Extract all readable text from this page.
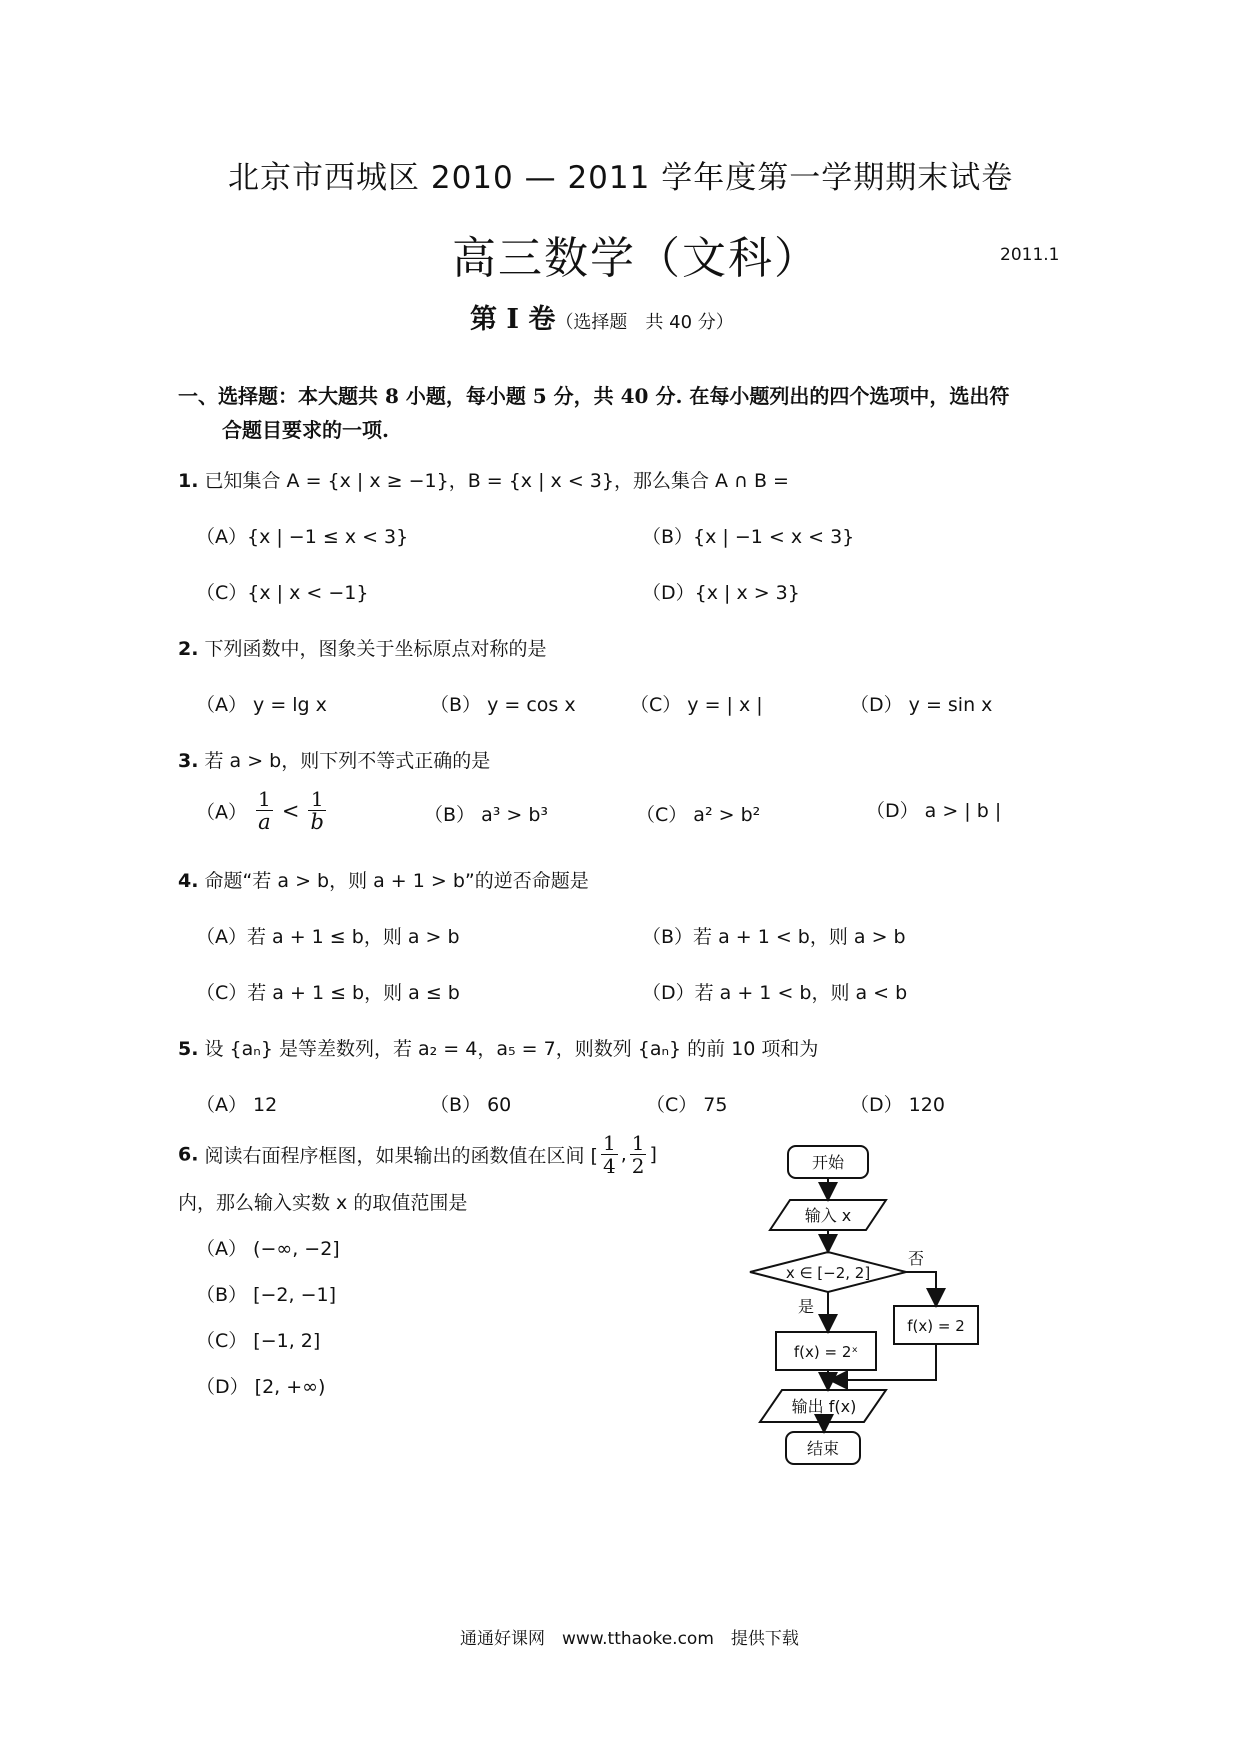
北京市西城区 2010 — 2011 学年度第一学期期末试卷
高三数学（文科）	2011.1
第 I 卷（选择题　共 40 分）
一、选择题：本大题共 8 小题，每小题 5 分，共 40 分. 在每小题列出的四个选项中，选出符
合题目要求的一项.
1. 已知集合 A = {x | x ≥ −1}，B = {x | x < 3}，那么集合 A ∩ B =
（A）{x | −1 ≤ x < 3}	（B）{x | −1 < x < 3}
（C）{x | x < −1}	（D）{x | x > 3}
2. 下列函数中，图象关于坐标原点对称的是
（A） y = lg x	（B） y = cos x	（C） y = | x |	（D） y = sin x
3. 若 a > b，则下列不等式正确的是
$(A) \frac{1}{a} < \frac{1}{b}$	（B） a³ > b³	（C） a² > b²	（D） a > | b |
4. 命题“若 a > b，则 a + 1 > b”的逆否命题是
（A）若 a + 1 ≤ b，则 a > b	（B）若 a + 1 < b，则 a > b
（C）若 a + 1 ≤ b，则 a ≤ b	（D）若 a + 1 < b，则 a < b
5. 设 {aₙ} 是等差数列，若 a₂ = 4，a₅ = 7，则数列 {aₙ} 的前 10 项和为
（A） 12	（B） 60	（C） 75	（D） 120
6. 阅读右面程序框图，如果输出的函数值在区间 [ $\frac{1}{4}$ , $\frac{1}{2}$ ]
内，那么输入实数 x 的取值范围是
（A） (−∞, −2]
（B） [−2, −1]
（C） [−1, 2]
（D） [2, +∞)
开始
输入 x
x ∈ [−2, 2]
否
是
f(x) = 2
f(x) = 2ˣ
输出 f(x)
结束
通通好课网　www.tthaoke.com　提供下载
